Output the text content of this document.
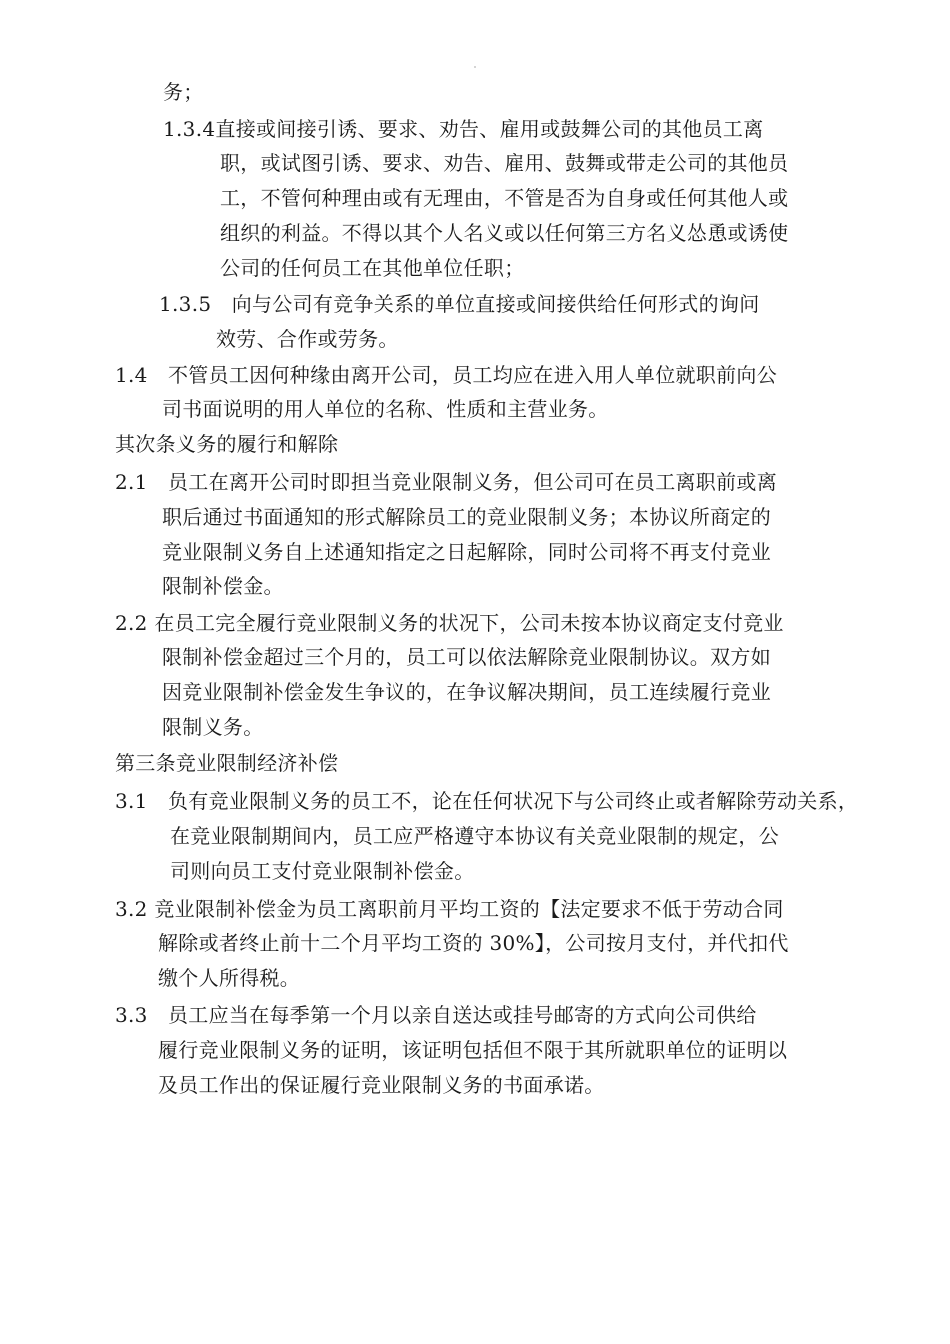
务；
1.3.4直接或间接引诱、要求、劝告、雇用或鼓舞公司的其他员工离
职，或试图引诱、要求、劝告、雇用、鼓舞或带走公司的其他员
工，不管何种理由或有无理由，不管是否为自身或任何其他人或
组织的利益。不得以其个人名义或以任何第三方名义怂恿或诱使
公司的任何员工在其他单位任职；
1.3.5　向与公司有竞争关系的单位直接或间接供给任何形式的询问
效劳、合作或劳务。
1.4　不管员工因何种缘由离开公司，员工均应在进入用人单位就职前向公
司书面说明的用人单位的名称、性质和主营业务。
其次条义务的履行和解除
2.1　员工在离开公司时即担当竞业限制义务，但公司可在员工离职前或离
职后通过书面通知的形式解除员工的竞业限制义务；本协议所商定的
竞业限制义务自上述通知指定之日起解除，同时公司将不再支付竞业
限制补偿金。
2.2 在员工完全履行竞业限制义务的状况下，公司未按本协议商定支付竞业
限制补偿金超过三个月的，员工可以依法解除竞业限制协议。双方如
因竞业限制补偿金发生争议的，在争议解决期间，员工连续履行竞业
限制义务。
第三条竞业限制经济补偿
3.1　负有竞业限制义务的员工不，论在任何状况下与公司终止或者解除劳动关系，
在竞业限制期间内，员工应严格遵守本协议有关竞业限制的规定，公
司则向员工支付竞业限制补偿金。
3.2 竞业限制补偿金为员工离职前月平均工资的【法定要求不低于劳动合同
解除或者终止前十二个月平均工资的 30%】，公司按月支付，并代扣代
缴个人所得税。
3.3　员工应当在每季第一个月以亲自送达或挂号邮寄的方式向公司供给
履行竞业限制义务的证明，该证明包括但不限于其所就职单位的证明以
及员工作出的保证履行竞业限制义务的书面承诺。
